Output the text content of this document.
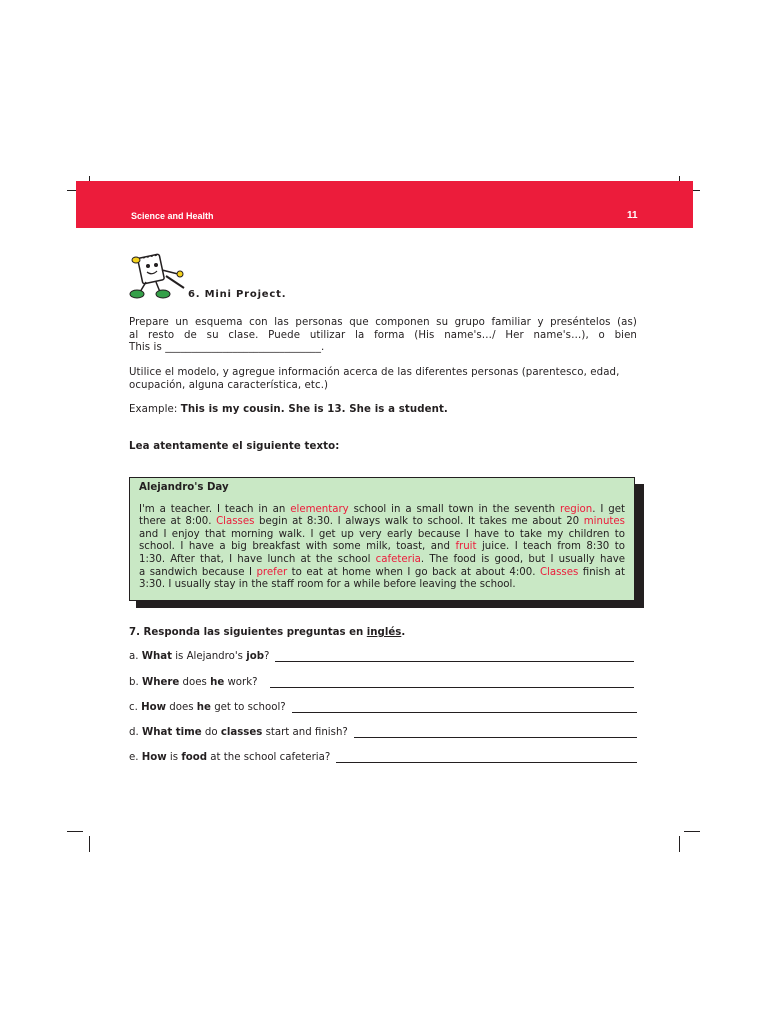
Science and Health	11
6. Mini Project.
Prepare un esquema con las personas que componen su grupo familiar y preséntelos (as)
al resto de su clase. Puede utilizar la forma (His name's…/ Her name's…), o bien
This is ______________________________.
Utilice el modelo, y agregue información acerca de las diferentes personas (parentesco, edad, ocupación, alguna característica, etc.)
Example: This is my cousin. She is 13. She is a student.
Lea atentamente el siguiente texto:
Alejandro's Day
I'm a teacher. I teach in an elementary school in a small town in the seventh region. I get
there at 8:00. Classes begin at 8:30. I always walk to school. It takes me about 20 minutes
and I enjoy that morning walk. I get up very early because I have to take my children to
school. I have a big breakfast with some milk, toast, and fruit juice. I teach from 8:30 to
1:30. After that, I have lunch at the school cafeteria. The food is good, but I usually have
a sandwich because I prefer to eat at home when I go back at about 4:00. Classes finish at
3:30. I usually stay in the staff room for a while before leaving the school.
7. Responda las siguientes preguntas en inglés.
a. What is Alejandro's job?
b. Where does he work?
c. How does he get to school?
d. What time do classes start and finish?
e. How is food at the school cafeteria?
